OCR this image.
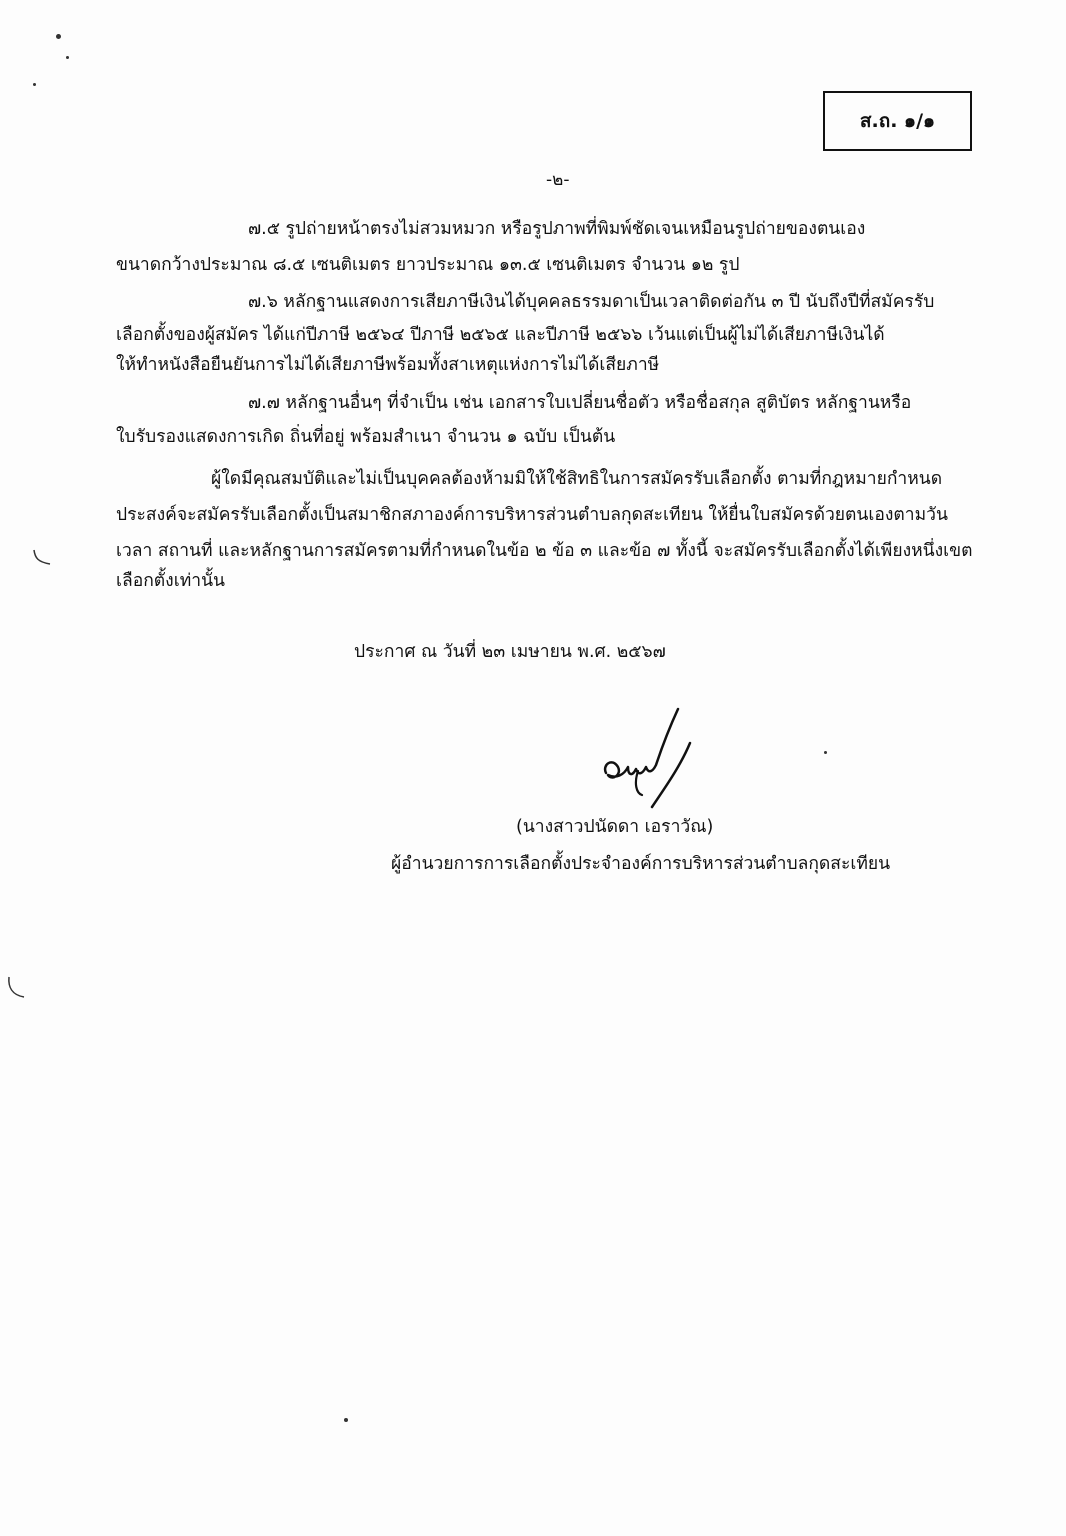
ส.ถ. ๑/๑
-๒-
๗.๕ รูปถ่ายหน้าตรงไม่สวมหมวก หรือรูปภาพที่พิมพ์ชัดเจนเหมือนรูปถ่ายของตนเอง
ขนาดกว้างประมาณ ๘.๕ เซนติเมตร ยาวประมาณ ๑๓.๕ เซนติเมตร จำนวน ๑๒ รูป
๗.๖ หลักฐานแสดงการเสียภาษีเงินได้บุคคลธรรมดาเป็นเวลาติดต่อกัน ๓ ปี นับถึงปีที่สมัครรับ
เลือกตั้งของผู้สมัคร ได้แก่ปีภาษี ๒๕๖๔ ปีภาษี ๒๕๖๕ และปีภาษี ๒๕๖๖ เว้นแต่เป็นผู้ไม่ได้เสียภาษีเงินได้
ให้ทำหนังสือยืนยันการไม่ได้เสียภาษีพร้อมทั้งสาเหตุแห่งการไม่ได้เสียภาษี
๗.๗ หลักฐานอื่นๆ ที่จำเป็น เช่น เอกสารใบเปลี่ยนชื่อตัว หรือชื่อสกุล สูติบัตร หลักฐานหรือ
ใบรับรองแสดงการเกิด ถิ่นที่อยู่ พร้อมสำเนา จำนวน ๑ ฉบับ เป็นต้น
ผู้ใดมีคุณสมบัติและไม่เป็นบุคคลต้องห้ามมิให้ใช้สิทธิในการสมัครรับเลือกตั้ง ตามที่กฎหมายกำหนด
ประสงค์จะสมัครรับเลือกตั้งเป็นสมาชิกสภาองค์การบริหารส่วนตำบลกุดสะเทียน ให้ยื่นใบสมัครด้วยตนเองตามวัน
เวลา สถานที่ และหลักฐานการสมัครตามที่กำหนดในข้อ ๒ ข้อ ๓ และข้อ ๗ ทั้งนี้ จะสมัครรับเลือกตั้งได้เพียงหนึ่งเขต
เลือกตั้งเท่านั้น
ประกาศ ณ วันที่ ๒๓ เมษายน พ.ศ. ๒๕๖๗
(นางสาวปนัดดา เอราวัณ)
ผู้อำนวยการการเลือกตั้งประจำองค์การบริหารส่วนตำบลกุดสะเทียน
